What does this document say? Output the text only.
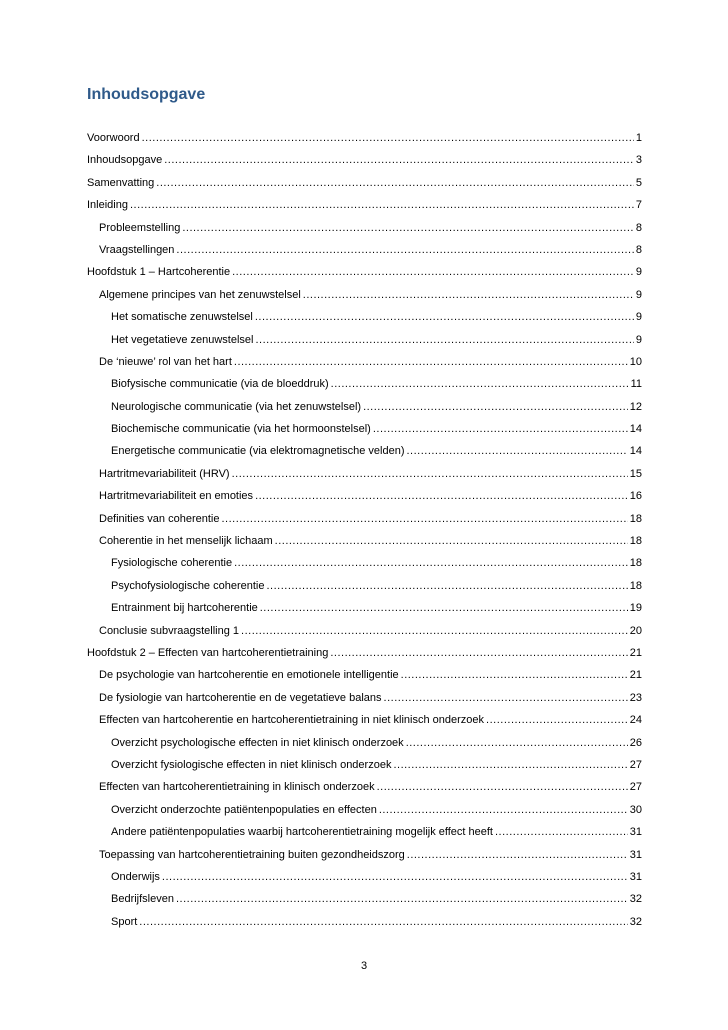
Inhoudsopgave
Voorwoord .....	1
Inhoudsopgave .....	3
Samenvatting .....	5
Inleiding .....	7
Probleemstelling .....	8
Vraagstellingen .....	8
Hoofdstuk 1 – Hartcoherentie .....	9
Algemene principes van het zenuwstelsel .....	9
Het somatische zenuwstelsel .....	9
Het vegetatieve zenuwstelsel .....	9
De ‘nieuwe’ rol van het hart .....	10
Biofysische communicatie (via de bloeddruk) .....	11
Neurologische communicatie (via het zenuwstelsel) .....	12
Biochemische communicatie (via het hormoonstelsel) .....	14
Energetische communicatie (via elektromagnetische velden) .....	14
Hartritmevariabiliteit (HRV) .....	15
Hartritmevariabiliteit en emoties .....	16
Definities van coherentie .....	18
Coherentie in het menselijk lichaam .....	18
Fysiologische coherentie .....	18
Psychofysiologische coherentie .....	18
Entrainment bij hartcoherentie .....	19
Conclusie subvraagstelling 1 .....	20
Hoofdstuk 2 – Effecten van hartcoherentietraining .....	21
De psychologie van hartcoherentie en emotionele intelligentie .....	21
De fysiologie van hartcoherentie en de vegetatieve balans .....	23
Effecten van hartcoherentie en hartcoherentietraining in niet klinisch onderzoek .....	24
Overzicht psychologische effecten in niet klinisch onderzoek .....	26
Overzicht fysiologische effecten in niet klinisch onderzoek .....	27
Effecten van hartcoherentietraining in klinisch onderzoek .....	27
Overzicht onderzochte patiëntenpopulaties en effecten .....	30
Andere patiëntenpopulaties waarbij hartcoherentietraining mogelijk effect heeft .....	31
Toepassing van hartcoherentietraining buiten gezondheidszorg .....	31
Onderwijs .....	31
Bedrijfsleven .....	32
Sport .....	32
3
